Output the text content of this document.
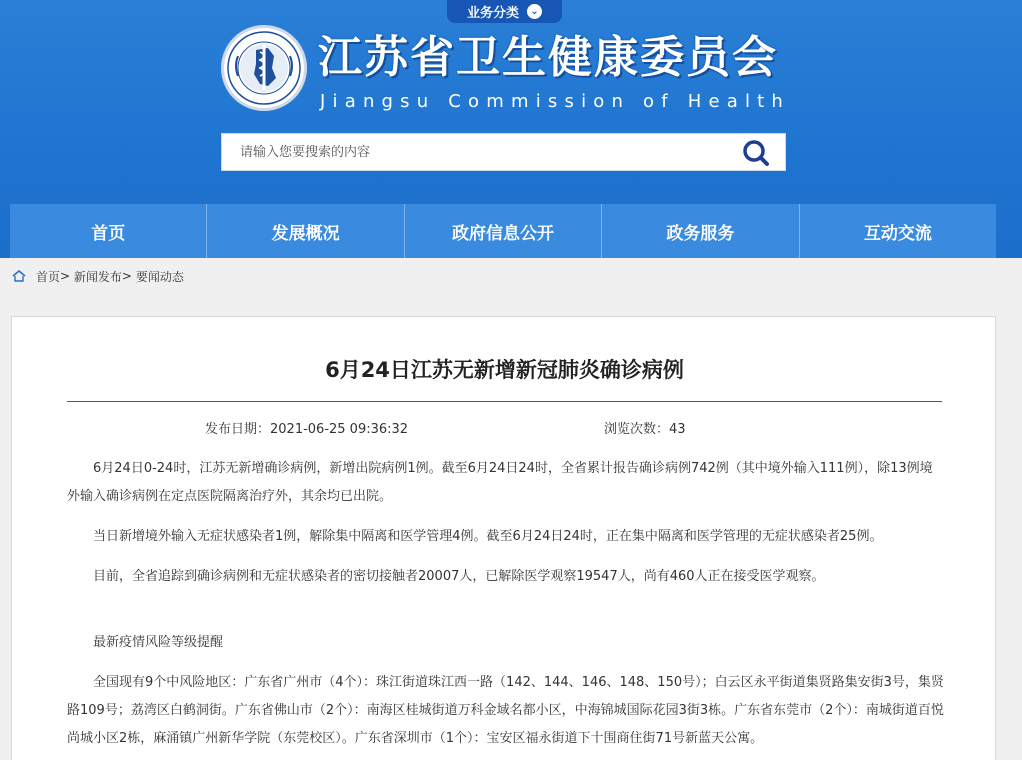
业务分类	⌄
江苏省卫生健康委员会
Jiangsu Commission of Health
请输入您要搜索的内容
首页	发展概况	政府信息公开	政务服务	互动交流
首页 >
新闻发布 >
要闻动态
6月24日江苏无新增新冠肺炎确诊病例
发布日期：2021-06-25 09:36:32	浏览次数：43

6月24日0-24时，江苏无新增确诊病例，新增出院病例1例。截至6月24日24时，全省累计报告确诊病例742例（其中境外输入111例），除13例境外输入确诊病例在定点医院隔离治疗外，其余均已出院。

当日新增境外输入无症状感染者1例，解除集中隔离和医学管理4例。截至6月24日24时，正在集中隔离和医学管理的无症状感染者25例。

目前，全省追踪到确诊病例和无症状感染者的密切接触者20007人，已解除医学观察19547人，尚有460人正在接受医学观察。

最新疫情风险等级提醒

全国现有9个中风险地区：广东省广州市（4个）：珠江街道珠江西一路（142、144、146、148、150号）；白云区永平街道集贤路集安街3号，集贤路109号；荔湾区白鹤洞街。广东省佛山市（2个）：南海区桂城街道万科金域名都小区，中海锦城国际花园3街3栋。广东省东莞市（2个）：南城街道百悦尚城小区2栋，麻涌镇广州新华学院（东莞校区）。广东省深圳市（1个）：宝安区福永街道下十围商住街71号新蓝天公寓。
